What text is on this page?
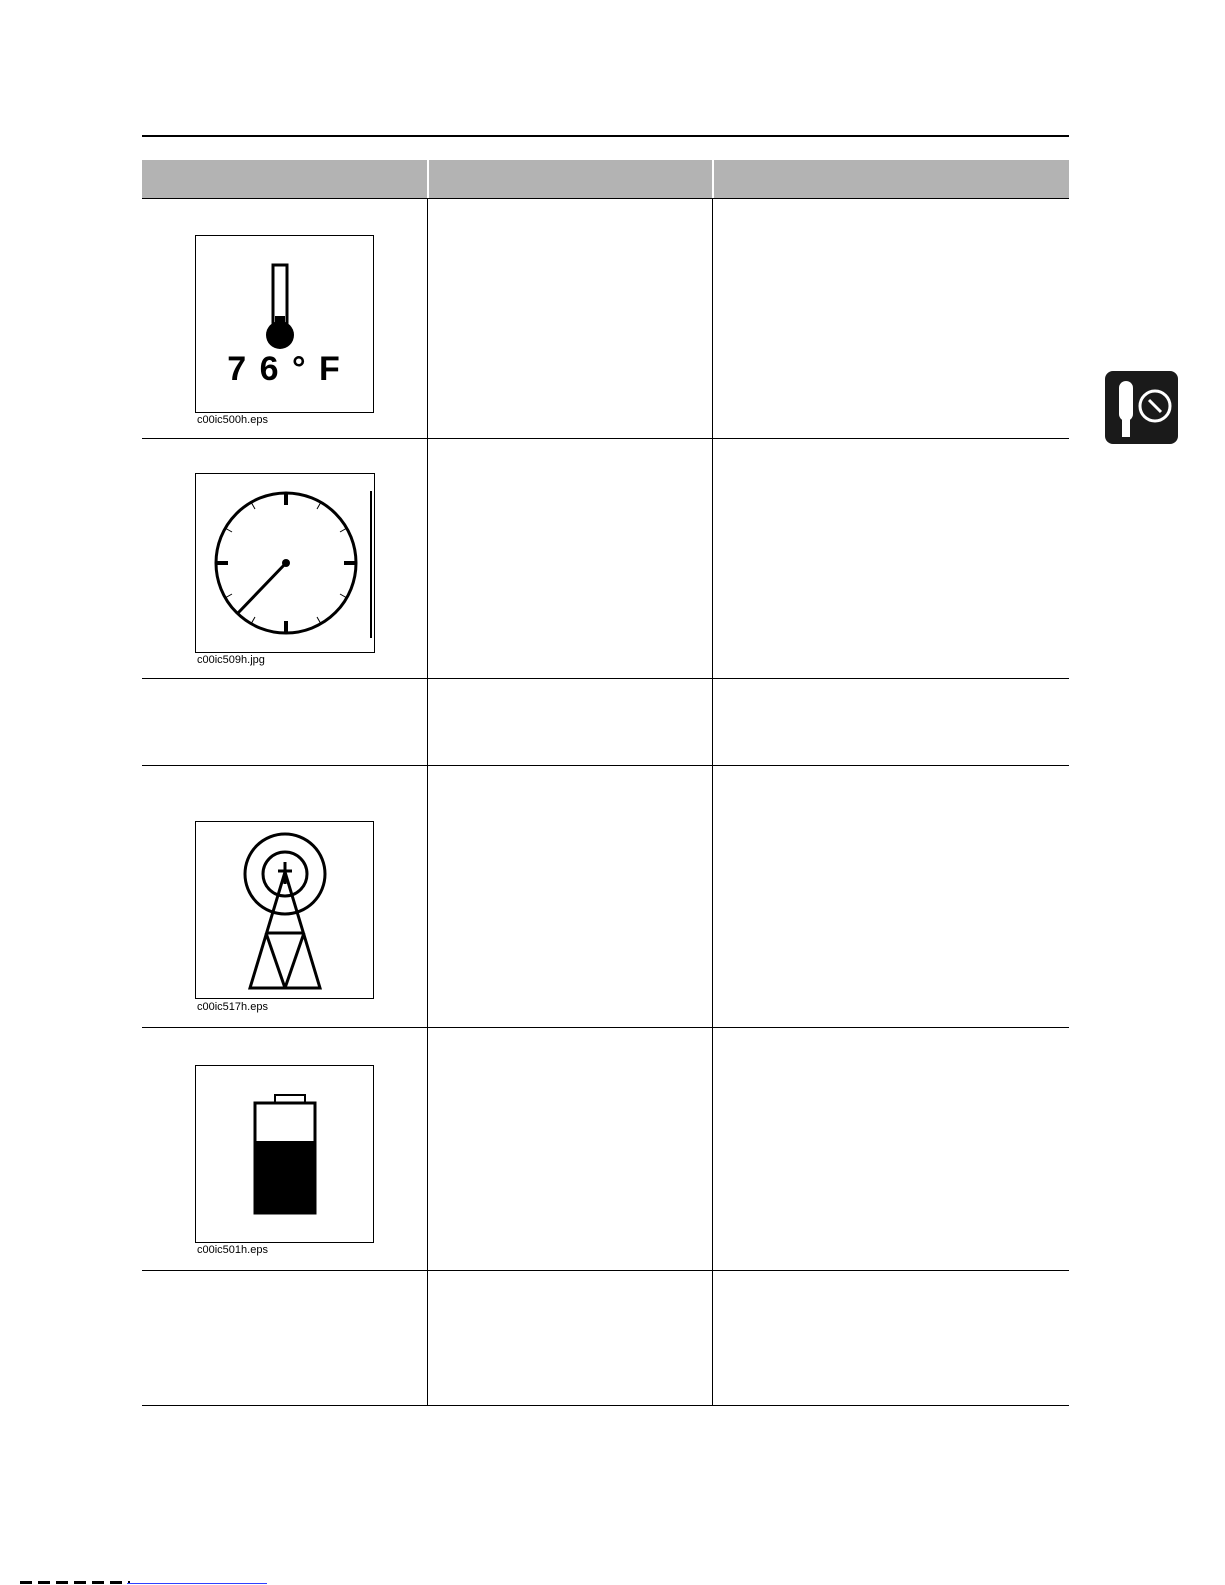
7 6 ° F
c00ic500h.eps
c00ic509h.jpg
c00ic517h.eps
c00ic501h.eps
